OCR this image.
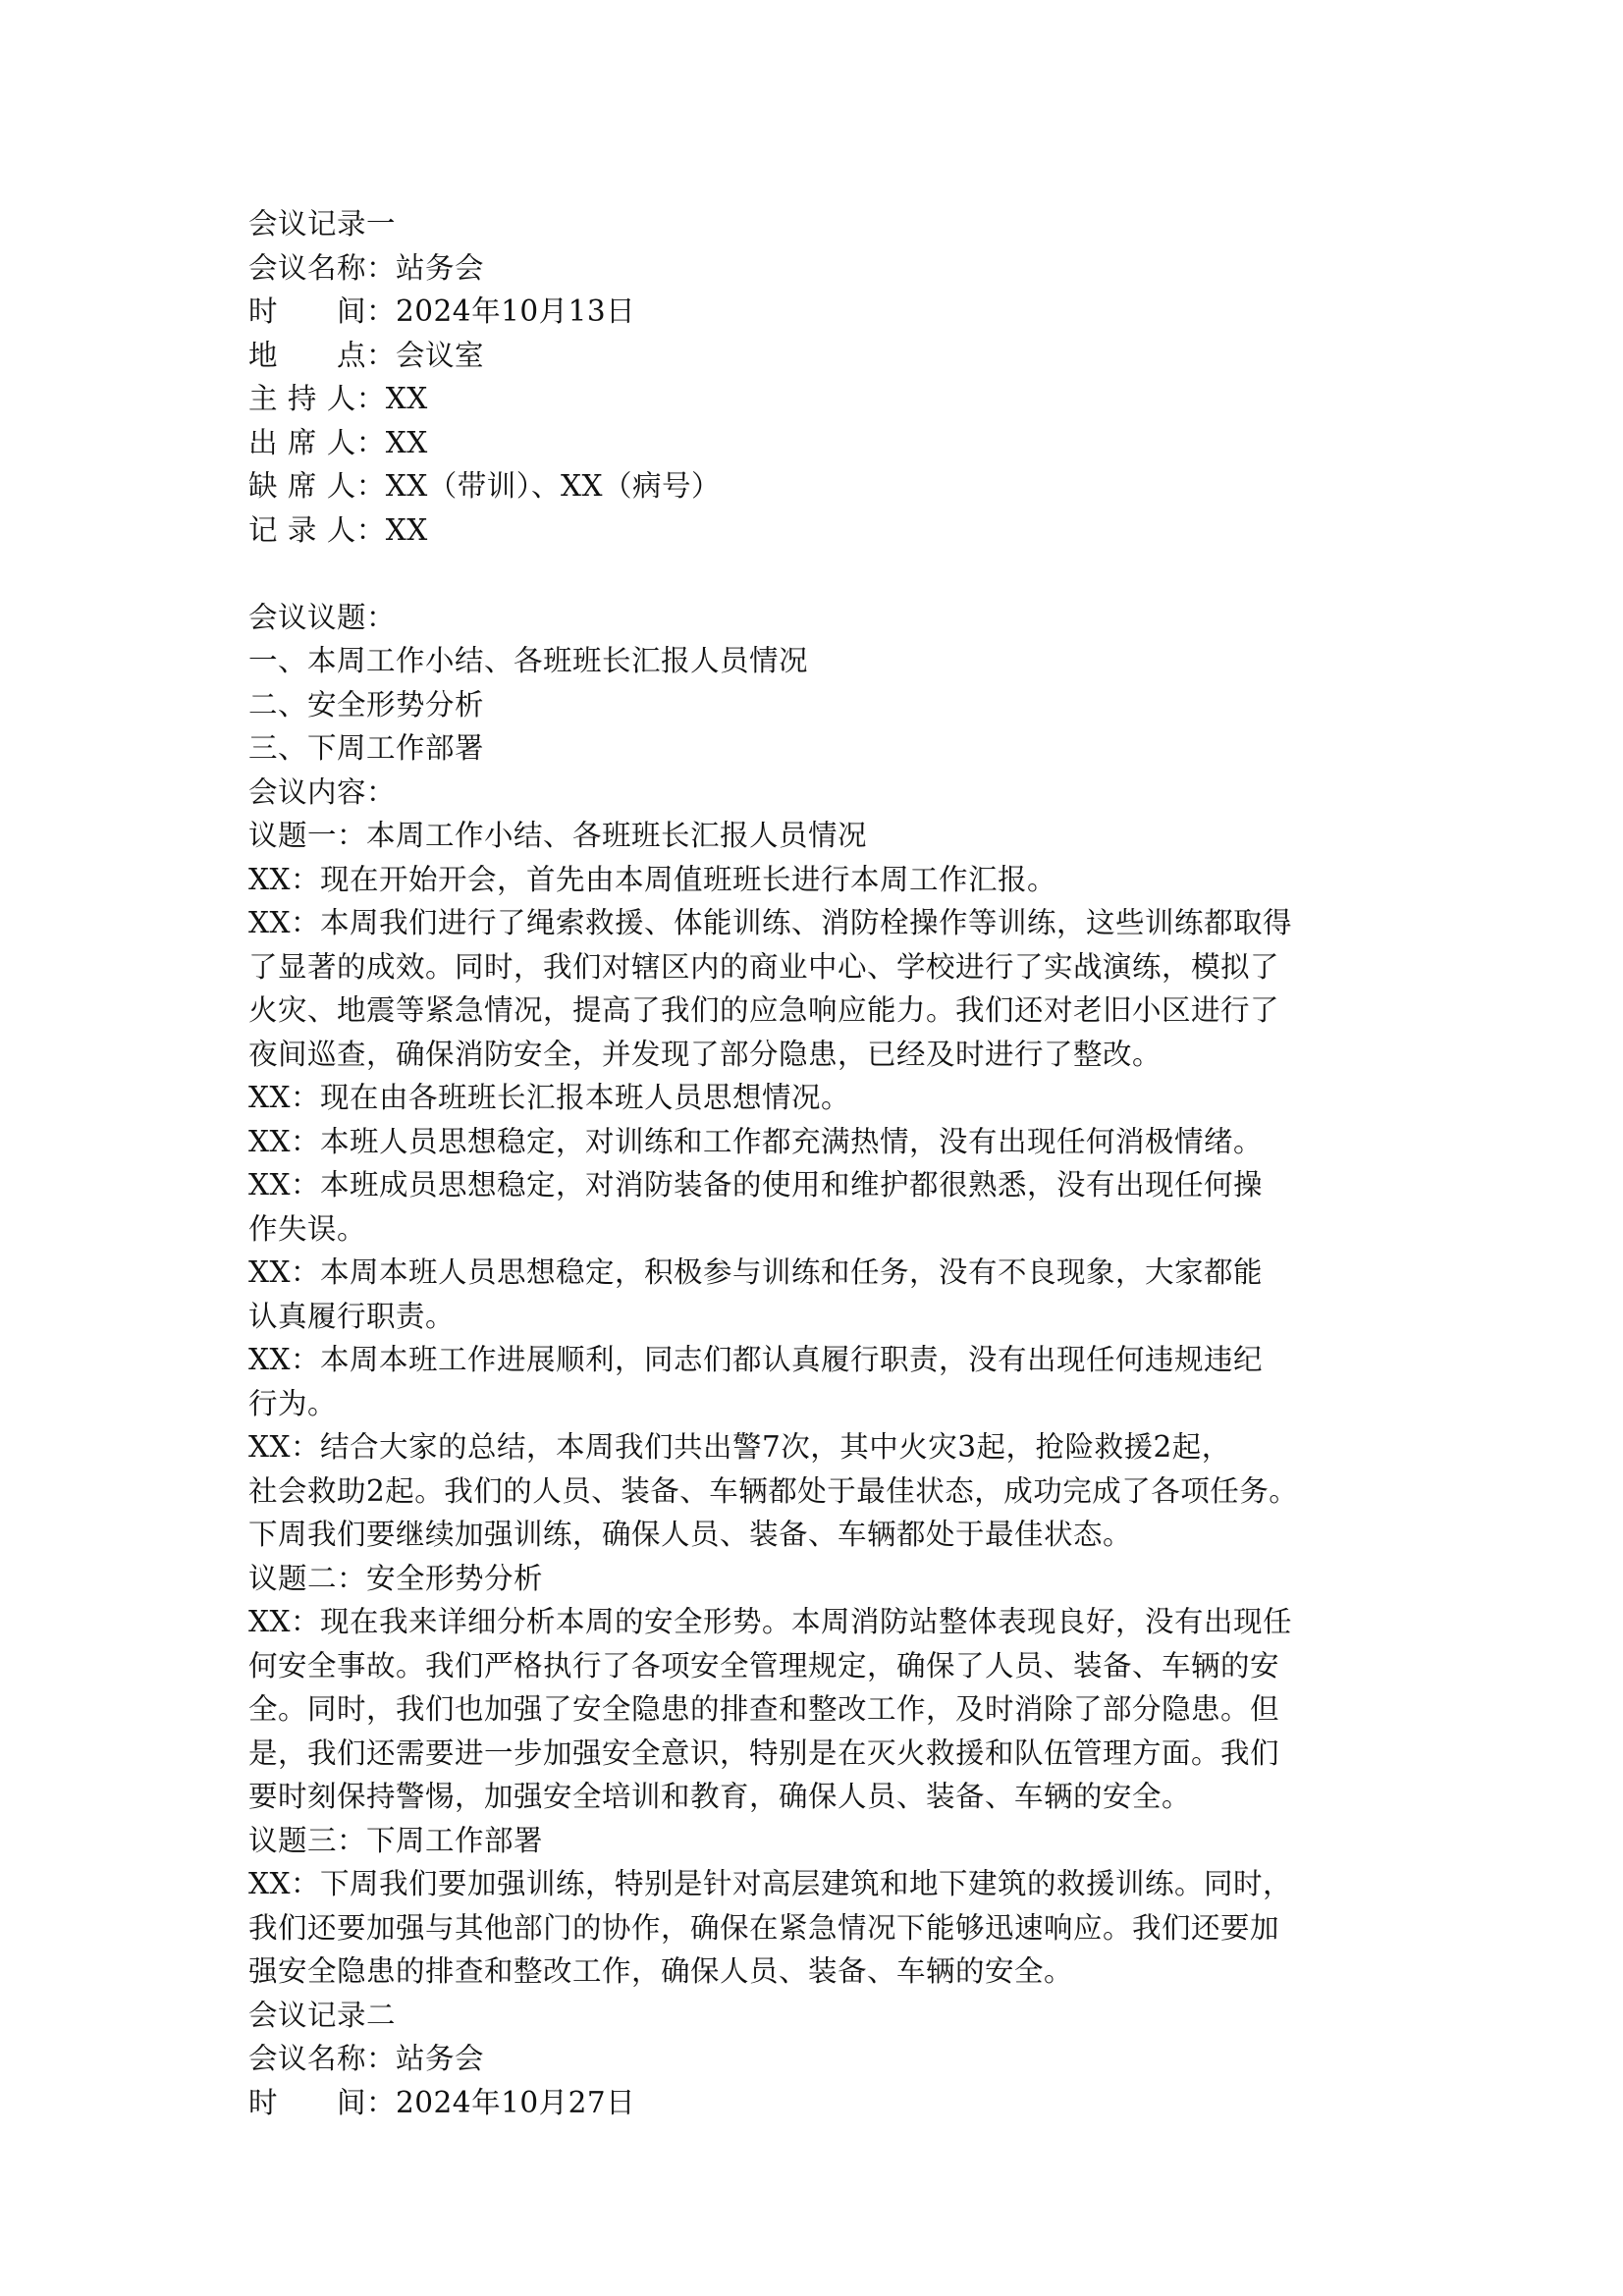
会议记录一
会议名称：站务会
时　　间：2024年10月13日
地　　点：会议室
主 持 人：XX
出 席 人：XX
缺 席 人：XX（带训）、XX（病号）
记 录 人：XX
会议议题：
一、本周工作小结、各班班长汇报人员情况
二、安全形势分析
三、下周工作部署
会议内容：
议题一：本周工作小结、各班班长汇报人员情况
XX：现在开始开会，首先由本周值班班长进行本周工作汇报。
XX：本周我们进行了绳索救援、体能训练、消防栓操作等训练，这些训练都取得
了显著的成效。同时，我们对辖区内的商业中心、学校进行了实战演练，模拟了
火灾、地震等紧急情况，提高了我们的应急响应能力。我们还对老旧小区进行了
夜间巡查，确保消防安全，并发现了部分隐患，已经及时进行了整改。
XX：现在由各班班长汇报本班人员思想情况。
XX：本班人员思想稳定，对训练和工作都充满热情，没有出现任何消极情绪。
XX：本班成员思想稳定，对消防装备的使用和维护都很熟悉，没有出现任何操
作失误。
XX：本周本班人员思想稳定，积极参与训练和任务，没有不良现象，大家都能
认真履行职责。
XX：本周本班工作进展顺利，同志们都认真履行职责，没有出现任何违规违纪
行为。
XX：结合大家的总结，本周我们共出警7次，其中火灾3起，抢险救援2起，
社会救助2起。我们的人员、装备、车辆都处于最佳状态，成功完成了各项任务。
下周我们要继续加强训练，确保人员、装备、车辆都处于最佳状态。
议题二：安全形势分析
XX：现在我来详细分析本周的安全形势。本周消防站整体表现良好，没有出现任
何安全事故。我们严格执行了各项安全管理规定，确保了人员、装备、车辆的安
全。同时，我们也加强了安全隐患的排查和整改工作，及时消除了部分隐患。但
是，我们还需要进一步加强安全意识，特别是在灭火救援和队伍管理方面。我们
要时刻保持警惕，加强安全培训和教育，确保人员、装备、车辆的安全。
议题三：下周工作部署
XX：下周我们要加强训练，特别是针对高层建筑和地下建筑的救援训练。同时，
我们还要加强与其他部门的协作，确保在紧急情况下能够迅速响应。我们还要加
强安全隐患的排查和整改工作，确保人员、装备、车辆的安全。
会议记录二
会议名称：站务会
时　　间：2024年10月27日
